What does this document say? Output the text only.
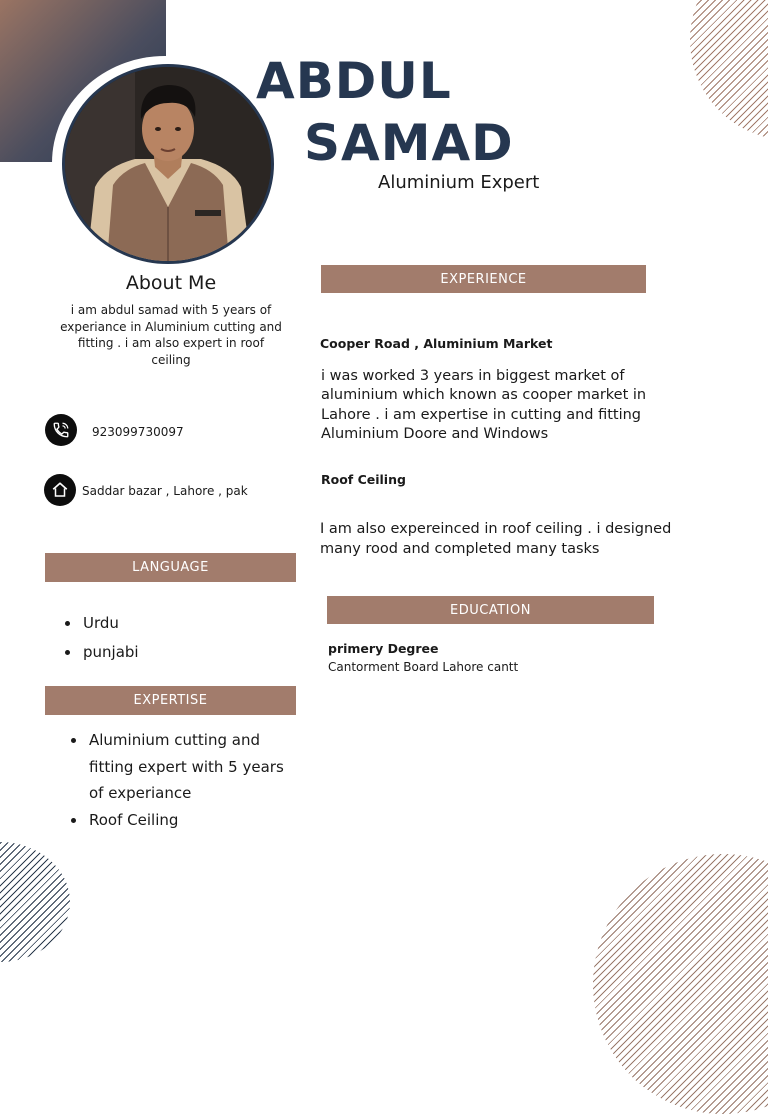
ABDUL
SAMAD
Aluminium Expert
About Me
i am abdul samad with 5 years of experiance in Aluminium cutting and fitting . i am also expert in roof ceiling
923099730097
Saddar bazar , Lahore , pak
LANGUAGE
Urdu
punjabi
EXPERTISE
Aluminium cutting and fitting expert with 5 years of experiance
Roof Ceiling
EXPERIENCE
Cooper Road , Aluminium Market
i was worked 3 years in biggest market of aluminium which known as cooper market in Lahore . i am expertise in cutting and fitting Aluminium Doore and Windows
Roof Ceiling
I am also expereinced in roof ceiling . i designed many rood and completed many tasks
EDUCATION
primery Degree
Cantorment Board Lahore cantt
